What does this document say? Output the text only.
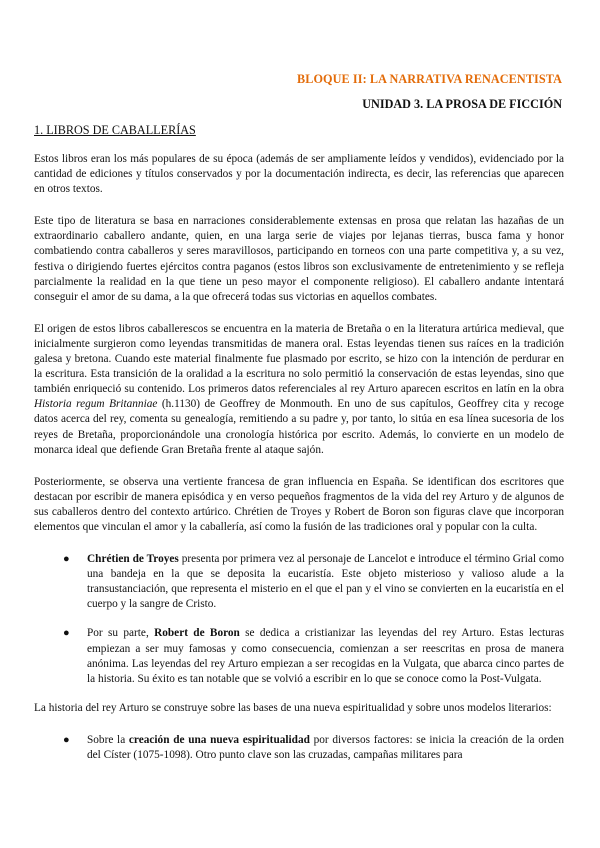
BLOQUE II: LA NARRATIVA RENACENTISTA
UNIDAD 3. LA PROSA DE FICCIÓN
1. LIBROS DE CABALLERÍAS

Estos libros eran los más populares de su época (además de ser ampliamente leídos y vendidos), evidenciado por la cantidad de ediciones y títulos conservados y por la documentación indirecta, es decir, las referencias que aparecen en otros textos.

Este tipo de literatura se basa en narraciones considerablemente extensas en prosa que relatan las hazañas de un extraordinario caballero andante, quien, en una larga serie de viajes por lejanas tierras, busca fama y honor combatiendo contra caballeros y seres maravillosos, participando en torneos con una parte competitiva y, a su vez, festiva o dirigiendo fuertes ejércitos contra paganos (estos libros son exclusivamente de entretenimiento y se refleja parcialmente la realidad en la que tiene un peso mayor el componente religioso). El caballero andante intentará conseguir el amor de su dama, a la que ofrecerá todas sus victorias en aquellos combates.

El origen de estos libros caballerescos se encuentra en la materia de Bretaña o en la literatura artúrica medieval, que inicialmente surgieron como leyendas transmitidas de manera oral. Estas leyendas tienen sus raíces en la tradición galesa y bretona. Cuando este material finalmente fue plasmado por escrito, se hizo con la intención de perdurar en la escritura. Esta transición de la oralidad a la escritura no solo permitió la conservación de estas leyendas, sino que también enriqueció su contenido. Los primeros datos referenciales al rey Arturo aparecen escritos en latín en la obra Historia regum Britanniae (h.1130) de Geoffrey de Monmouth. En uno de sus capítulos, Geoffrey cita y recoge datos acerca del rey, comenta su genealogía, remitiendo a su padre y, por tanto, lo sitúa en esa línea sucesoria de los reyes de Bretaña, proporcionándole una cronología histórica por escrito. Además, lo convierte en un modelo de monarca ideal que defiende Gran Bretaña frente al ataque sajón.

Posteriormente, se observa una vertiente francesa de gran influencia en España. Se identifican dos escritores que destacan por escribir de manera episódica y en verso pequeños fragmentos de la vida del rey Arturo y de algunos de sus caballeros dentro del contexto artúrico. Chrétien de Troyes y Robert de Boron son figuras clave que incorporan elementos que vinculan el amor y la caballería, así como la fusión de las tradiciones oral y popular con la culta.

● Chrétien de Troyes presenta por primera vez al personaje de Lancelot e introduce el término Grial como una bandeja en la que se deposita la eucaristía. Este objeto misterioso y valioso alude a la transustanciación, que representa el misterio en el que el pan y el vino se convierten en la eucaristía en el cuerpo y la sangre de Cristo.
● Por su parte, Robert de Boron se dedica a cristianizar las leyendas del rey Arturo. Estas lecturas empiezan a ser muy famosas y como consecuencia, comienzan a ser reescritas en prosa de manera anónima. Las leyendas del rey Arturo empiezan a ser recogidas en la Vulgata, que abarca cinco partes de la historia. Su éxito es tan notable que se volvió a escribir en lo que se conoce como la Post-Vulgata.

La historia del rey Arturo se construye sobre las bases de una nueva espiritualidad y sobre unos modelos literarios:

● Sobre la creación de una nueva espiritualidad por diversos factores: se inicia la creación de la orden del Císter (1075-1098). Otro punto clave son las cruzadas, campañas militares para
